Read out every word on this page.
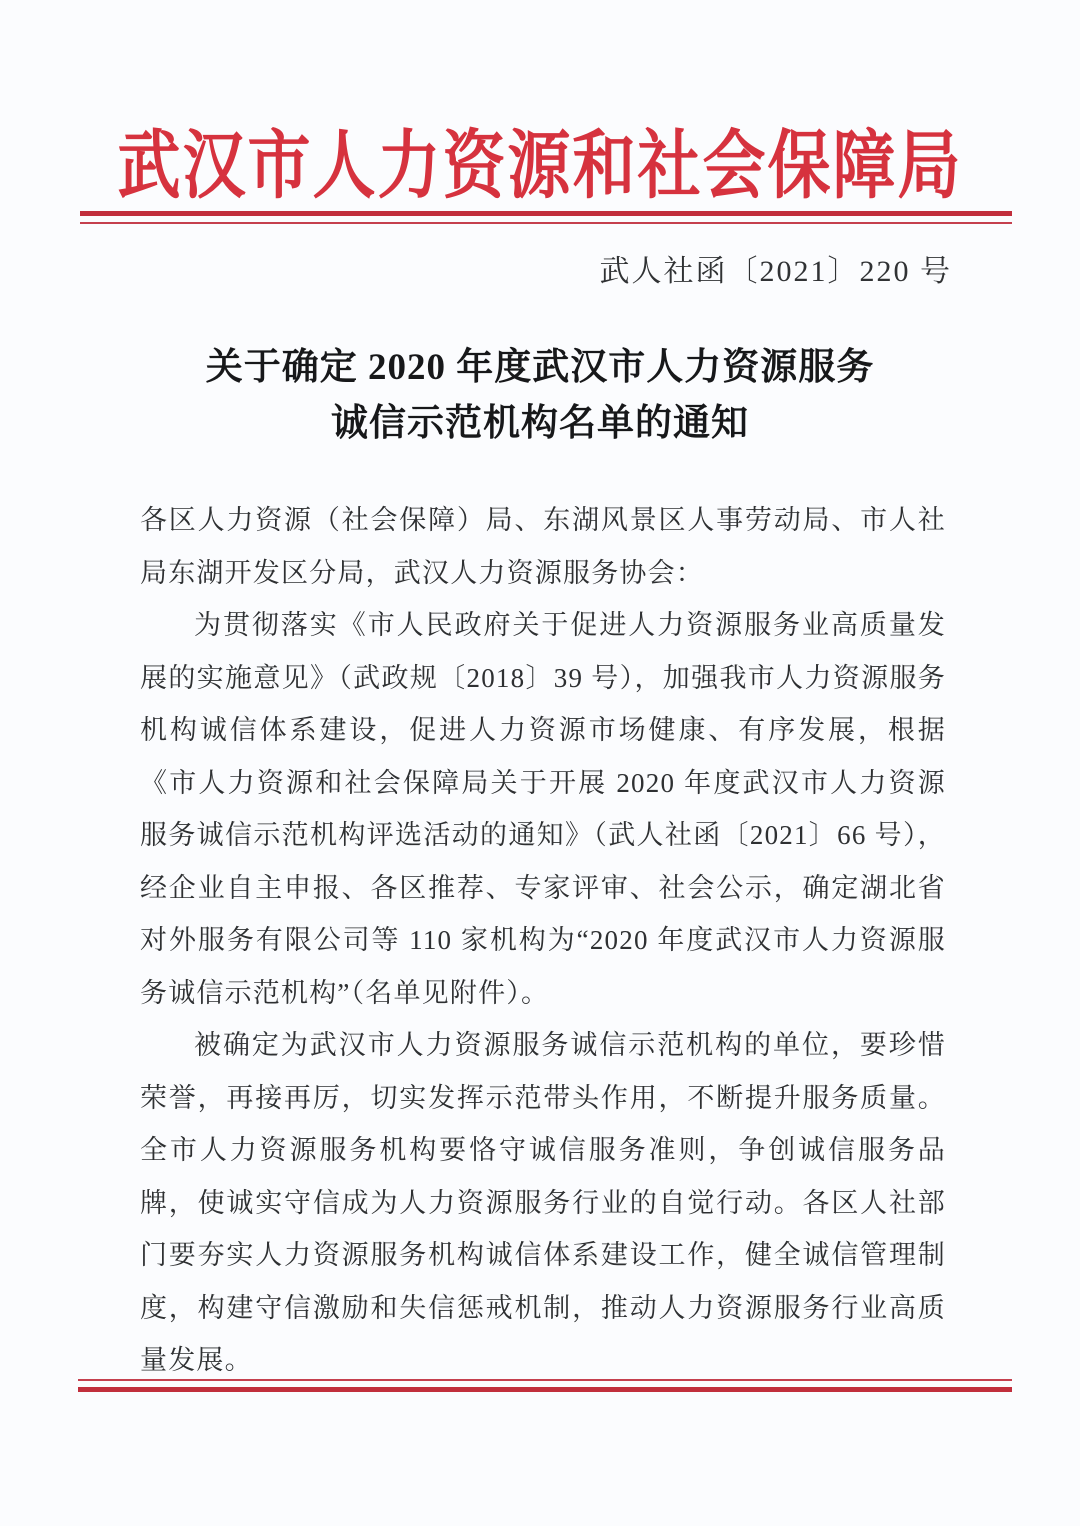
武汉市人力资源和社会保障局
武人社函〔2021〕220 号
关于确定 2020 年度武汉市人力资源服务
诚信示范机构名单的通知

各区人力资源（社会保障）局、东湖风景区人事劳动局、市人社局东湖开发区分局，武汉人力资源服务协会：

为贯彻落实《市人民政府关于促进人力资源服务业高质量发展的实施意见》（武政规〔2018〕39 号），加强我市人力资源服务机构诚信体系建设，促进人力资源市场健康、有序发展，根据《市人力资源和社会保障局关于开展 2020 年度武汉市人力资源服务诚信示范机构评选活动的通知》（武人社函〔2021〕66 号），经企业自主申报、各区推荐、专家评审、社会公示，确定湖北省对外服务有限公司等 110 家机构为“2020 年度武汉市人力资源服务诚信示范机构”（名单见附件）。

被确定为武汉市人力资源服务诚信示范机构的单位，要珍惜荣誉，再接再厉，切实发挥示范带头作用，不断提升服务质量。全市人力资源服务机构要恪守诚信服务准则，争创诚信服务品牌，使诚实守信成为人力资源服务行业的自觉行动。各区人社部门要夯实人力资源服务机构诚信体系建设工作，健全诚信管理制度，构建守信激励和失信惩戒机制，推动人力资源服务行业高质量发展。
